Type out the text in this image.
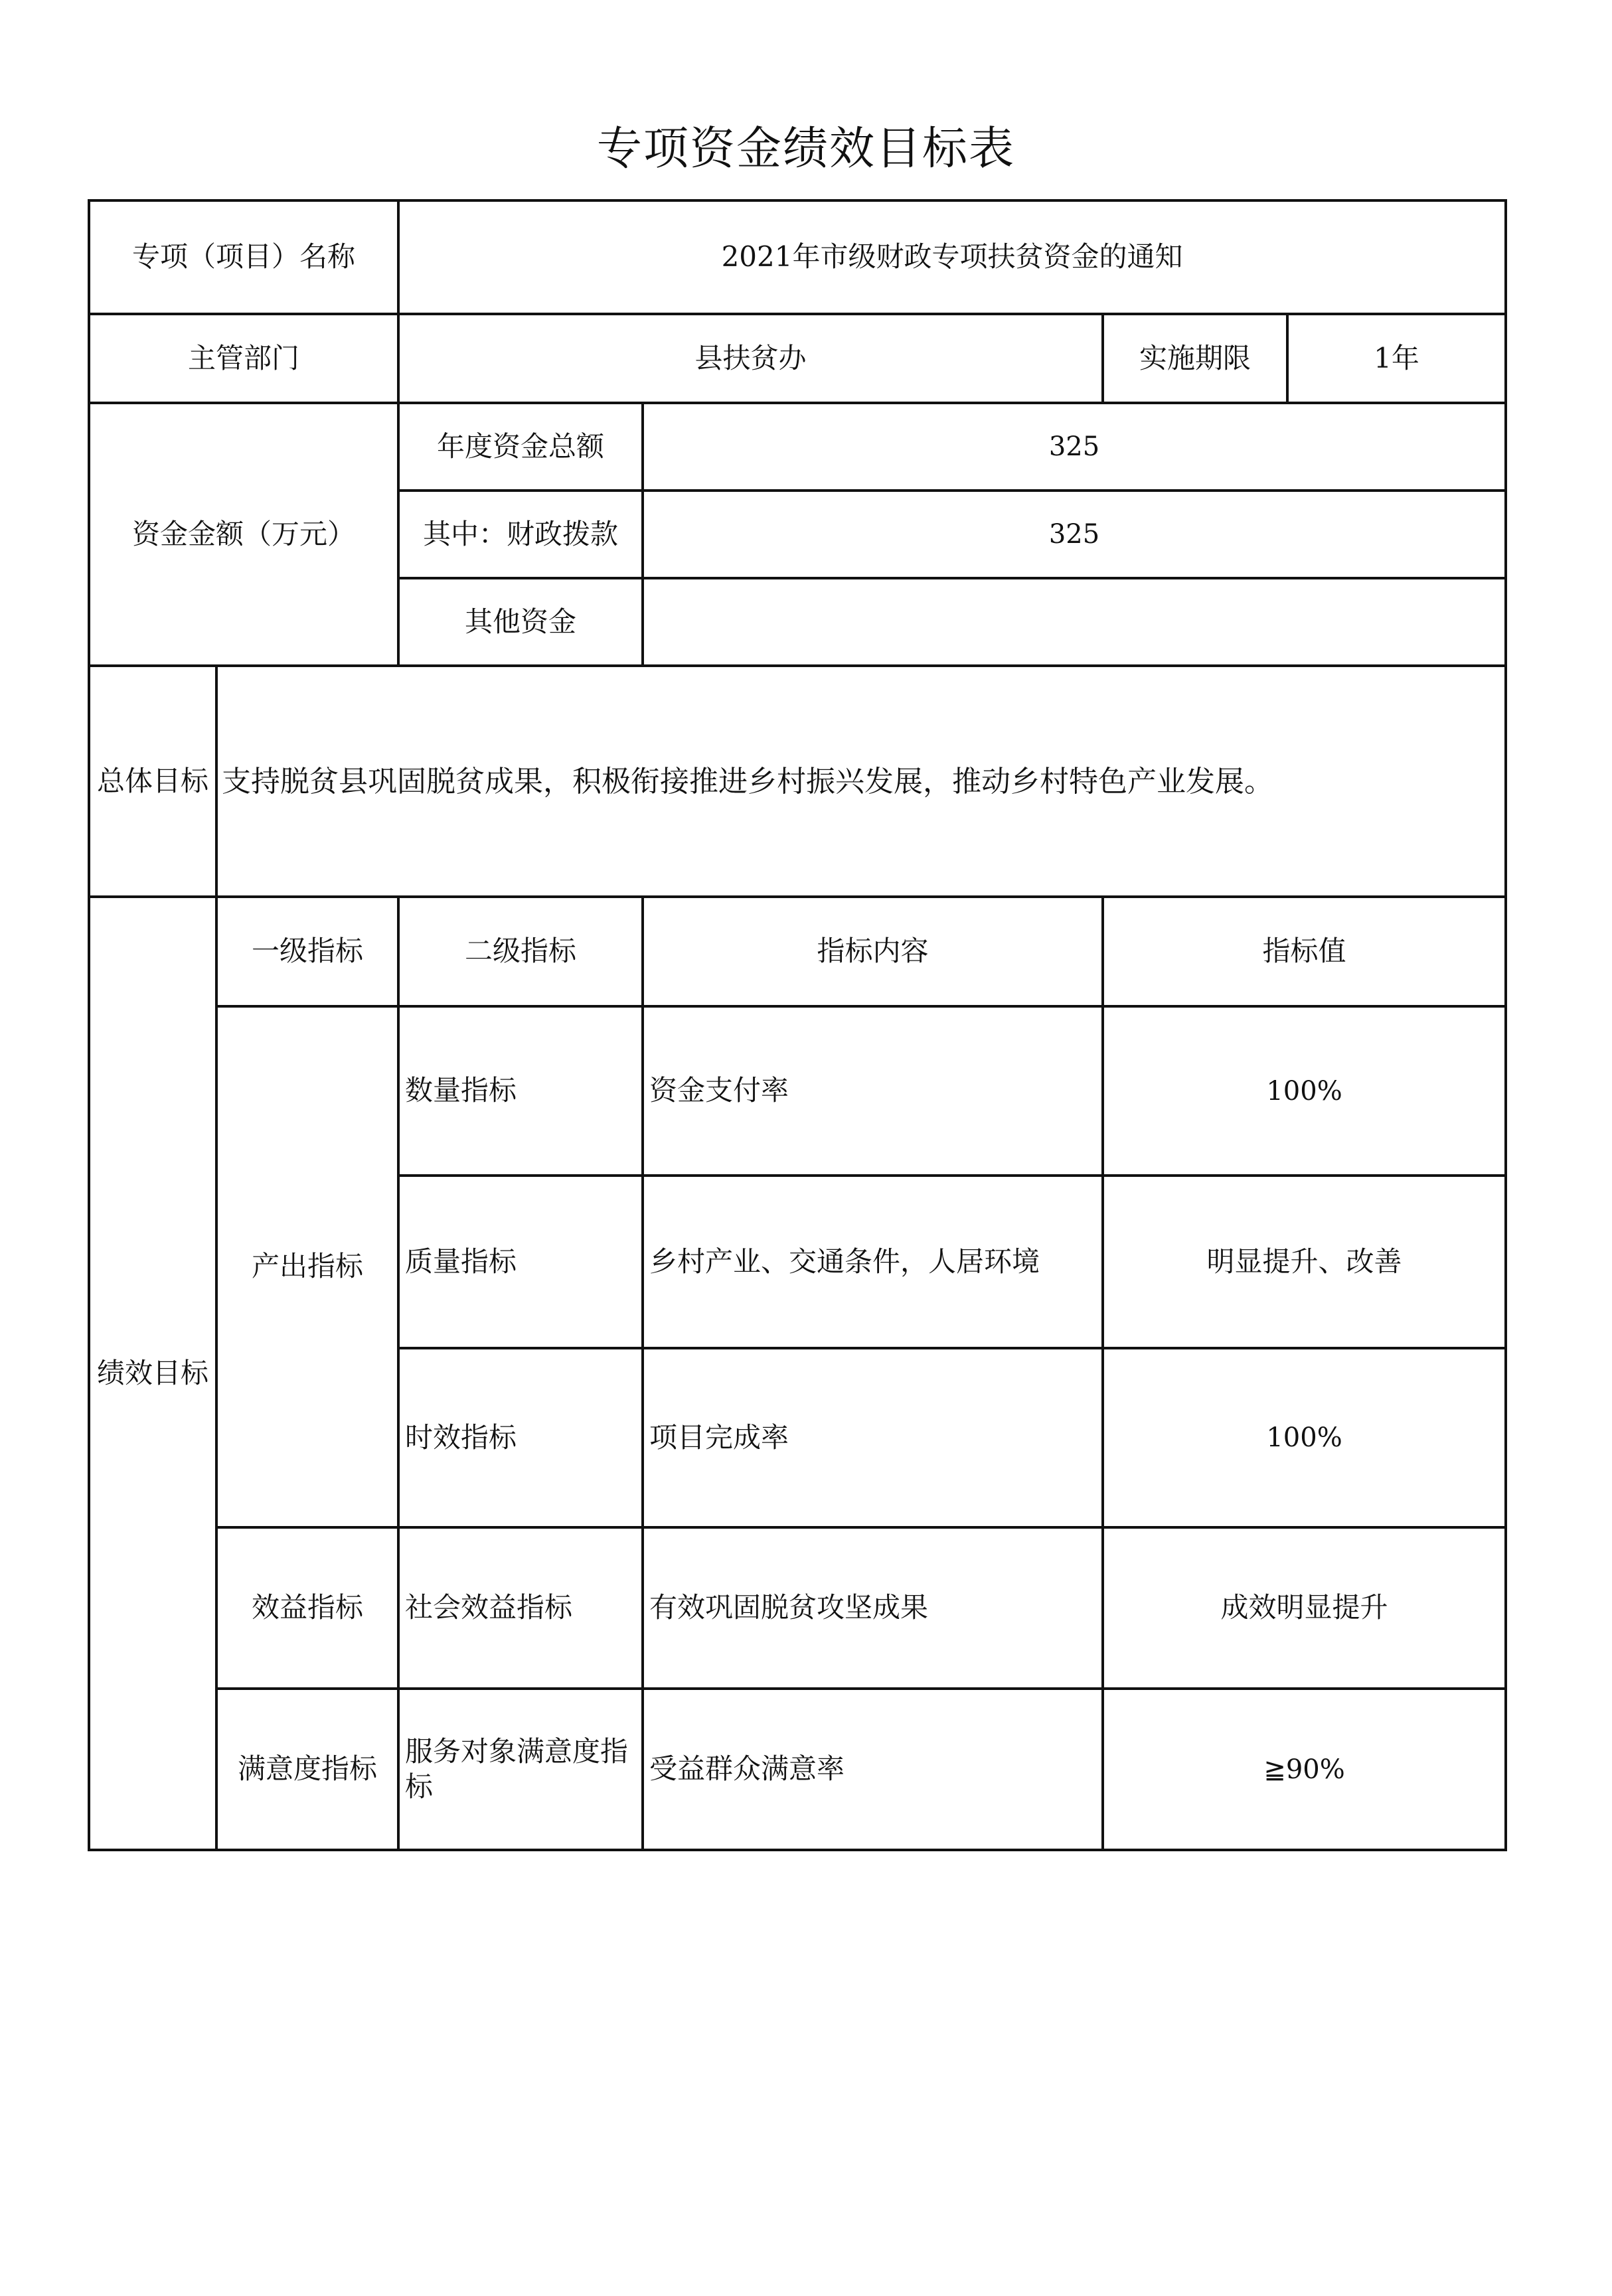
专项资金绩效目标表
专项（项目）名称		2021年市级财政专项扶贫资金的通知			
主管部门		县扶贫办		实施期限	1年
资金金额（万元）		年度资金总额	325		
		其中：财政拨款	325		
		其他资金			
总体目标	支持脱贫县巩固脱贫成果，积极衔接推进乡村振兴发展，推动乡村特色产业发展。				
绩效目标	一级指标	二级指标	指标内容	指标值	
	产出指标	数量指标	资金支付率	100%	
		质量指标	乡村产业、交通条件，人居环境	明显提升、改善	
		时效指标	项目完成率	100%	
	效益指标	社会效益指标	有效巩固脱贫攻坚成果	成效明显提升	
	满意度指标	服务对象满意度指标	受益群众满意率	≧90%	
